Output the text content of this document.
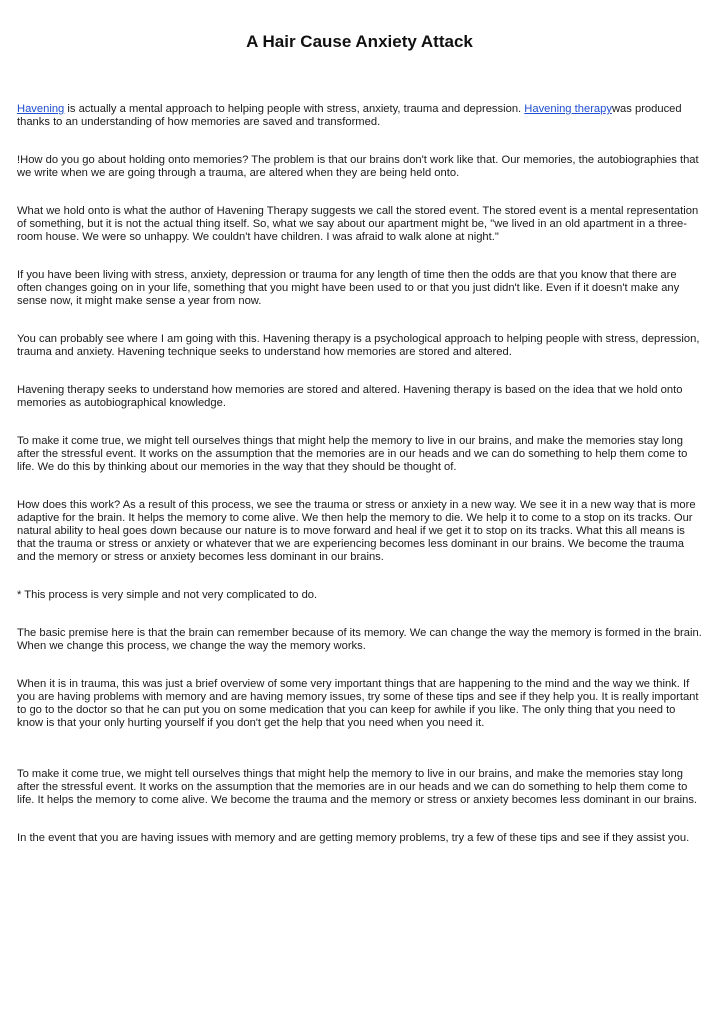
A Hair Cause Anxiety Attack

Havening is actually a mental approach to helping people with stress, anxiety, trauma and depression. Havening therapywas produced thanks to an understanding of how memories are saved and transformed.

!How do you go about holding onto memories? The problem is that our brains don't work like that. Our memories, the autobiographies that we write when we are going through a trauma, are altered when they are being held onto.

What we hold onto is what the author of Havening Therapy suggests we call the stored event. The stored event is a mental representation of something, but it is not the actual thing itself. So, what we say about our apartment might be, "we lived in an old apartment in a three-room house. We were so unhappy. We couldn't have children. I was afraid to walk alone at night."

If you have been living with stress, anxiety, depression or trauma for any length of time then the odds are that you know that there are often changes going on in your life, something that you might have been used to or that you just didn't like. Even if it doesn't make any sense now, it might make sense a year from now.

You can probably see where I am going with this. Havening therapy is a psychological approach to helping people with stress, depression, trauma and anxiety. Havening technique seeks to understand how memories are stored and altered.

Havening therapy seeks to understand how memories are stored and altered. Havening therapy is based on the idea that we hold onto memories as autobiographical knowledge.

To make it come true, we might tell ourselves things that might help the memory to live in our brains, and make the memories stay long after the stressful event. It works on the assumption that the memories are in our heads and we can do something to help them come to life. We do this by thinking about our memories in the way that they should be thought of.

How does this work? As a result of this process, we see the trauma or stress or anxiety in a new way. We see it in a new way that is more adaptive for the brain. It helps the memory to come alive. We then help the memory to die. We help it to come to a stop on its tracks. Our natural ability to heal goes down because our nature is to move forward and heal if we get it to stop on its tracks. What this all means is that the trauma or stress or anxiety or whatever that we are experiencing becomes less dominant in our brains. We become the trauma and the memory or stress or anxiety becomes less dominant in our brains.

* This process is very simple and not very complicated to do.

The basic premise here is that the brain can remember because of its memory. We can change the way the memory is formed in the brain. When we change this process, we change the way the memory works.

When it is in trauma, this was just a brief overview of some very important things that are happening to the mind and the way we think. If you are having problems with memory and are having memory issues, try some of these tips and see if they help you. It is really important to go to the doctor so that he can put you on some medication that you can keep for awhile if you like. The only thing that you need to know is that your only hurting yourself if you don't get the help that you need when you need it.

To make it come true, we might tell ourselves things that might help the memory to live in our brains, and make the memories stay long after the stressful event. It works on the assumption that the memories are in our heads and we can do something to help them come to life. It helps the memory to come alive. We become the trauma and the memory or stress or anxiety becomes less dominant in our brains.

In the event that you are having issues with memory and are getting memory problems, try a few of these tips and see if they assist you.
